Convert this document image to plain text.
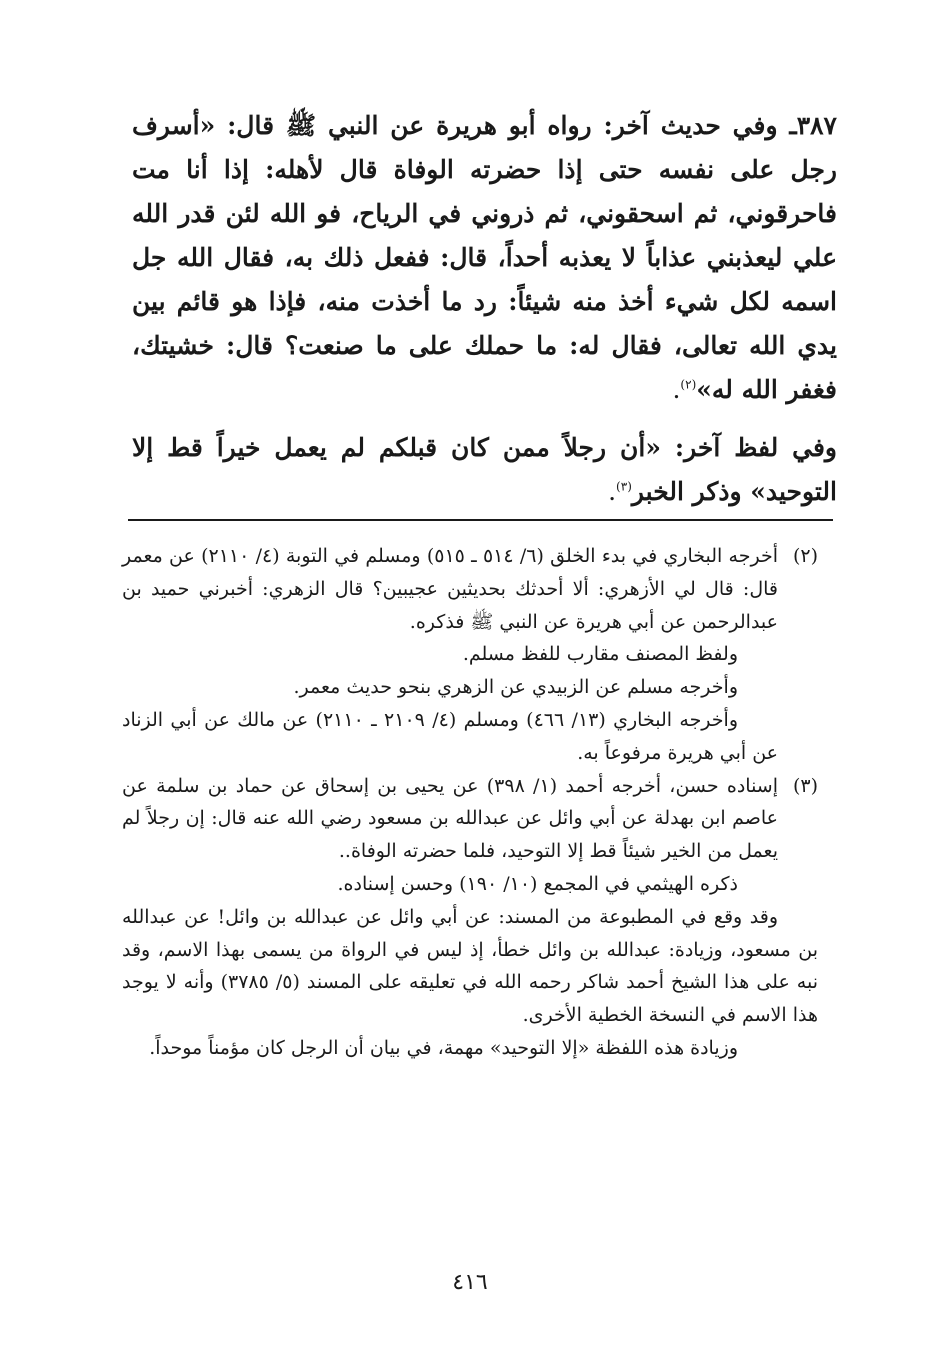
٣٨٧ـ وفي حديث آخر: رواه أبو هريرة عن النبي ﷺ قال: «أسرف رجل على نفسه حتى إذا حضرته الوفاة قال لأهله: إذا أنا مت فاحرقوني، ثم اسحقوني، ثم ذروني في الرياح، فو الله لئن قدر الله علي ليعذبني عذاباً لا يعذبه أحداً، قال: ففعل ذلك به، فقال الله جل اسمه لكل شيء أخذ منه شيئاً: رد ما أخذت منه، فإذا هو قائم بين يدي الله تعالى، فقال له: ما حملك على ما صنعت؟ قال: خشيتك، فغفر الله له»$^{(٢)}$.

وفي لفظ آخر: «أن رجلاً ممن كان قبلكم لم يعمل خيراً قط إلا التوحيد» وذكر الخبر$^{(٣)}$.

(٢)
أخرجه البخاري في بدء الخلق (٦/ ٥١٤ ـ ٥١٥) ومسلم في التوبة (٤/ ٢١١٠) عن معمر قال: قال لي الأزهري: ألا أحدثك بحديثين عجيبين؟ قال الزهري: أخبرني حميد بن عبدالرحمن عن أبي هريرة عن النبي ﷺ فذكره.

ولفظ المصنف مقارب للفظ مسلم.

وأخرجه مسلم عن الزبيدي عن الزهري بنحو حديث معمر.

وأخرجه البخاري (١٣/ ٤٦٦) ومسلم (٤/ ٢١٠٩ ـ ٢١١٠) عن مالك عن أبي الزناد عن أبي هريرة مرفوعاً به.

(٣)
إسناده حسن، أخرجه أحمد (١/ ٣٩٨) عن يحيى بن إسحاق عن حماد بن سلمة عن عاصم ابن بهدلة عن أبي وائل عن عبدالله بن مسعود رضي الله عنه قال: إن رجلاً لم يعمل من الخير شيئاً قط إلا التوحيد، فلما حضرته الوفاة..

ذكره الهيثمي في المجمع (١٠/ ١٩٠) وحسن إسناده.

وقد وقع في المطبوعة من المسند: عن أبي وائل عن عبدالله بن وائل! عن عبدالله بن مسعود، وزيادة: عبدالله بن وائل خطأ، إذ ليس في الرواة من يسمى بهذا الاسم، وقد نبه على هذا الشيخ أحمد شاكر رحمه الله في تعليقه على المسند (٥/ ٣٧٨٥) وأنه لا يوجد هذا الاسم في النسخة الخطية الأخرى.

وزيادة هذه اللفظة «إلا التوحيد» مهمة، في بيان أن الرجل كان مؤمناً موحداً.

٤١٦
